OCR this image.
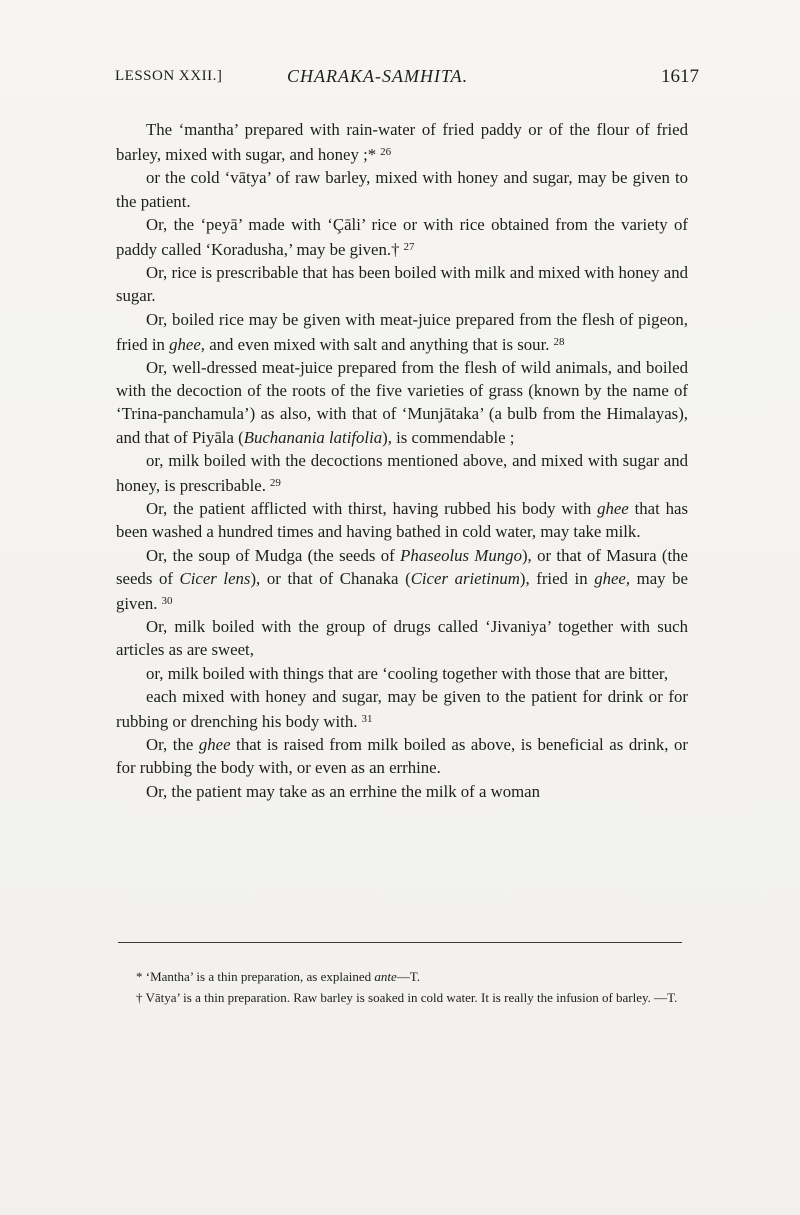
LESSON XXII.]	CHARAKA-SAMHITA.	1617

The ‘mantha’ prepared with rain-water of fried paddy or of the flour of fried barley, mixed with sugar, and honey ;* $^{26}$

or the cold ‘vātya’ of raw barley, mixed with honey and sugar, may be given to the patient.

Or, the ‘peyā’ made with ‘Çāli’ rice or with rice obtained from the variety of paddy called ‘Koradusha,’ may be given.† $^{27}$

Or, rice is prescribable that has been boiled with milk and mixed with honey and sugar.

Or, boiled rice may be given with meat-juice prepared from the flesh of pigeon, fried in ghee, and even mixed with salt and anything that is sour. $^{28}$

Or, well-dressed meat-juice prepared from the flesh of wild animals, and boiled with the decoction of the roots of the five varieties of grass (known by the name of ‘Trina-panchamula’) as also, with that of ‘Munjātaka’ (a bulb from the Himalayas), and that of Piyāla (Buchanania latifolia), is commendable ;

or, milk boiled with the decoctions mentioned above, and mixed with sugar and honey, is prescribable. $^{29}$

Or, the patient afflicted with thirst, having rubbed his body with ghee that has been washed a hundred times and having bathed in cold water, may take milk.

Or, the soup of Mudga (the seeds of Phaseolus Mungo), or that of Masura (the seeds of Cicer lens), or that of Chanaka (Cicer arietinum), fried in ghee, may be given. $^{30}$

Or, milk boiled with the group of drugs called ‘Jivaniya’ together with such articles as are sweet,

or, milk boiled with things that are ‘cooling together with those that are bitter,

each mixed with honey and sugar, may be given to the patient for drink or for rubbing or drenching his body with. $^{31}$

Or, the ghee that is raised from milk boiled as above, is beneficial as drink, or for rubbing the body with, or even as an errhine.

Or, the patient may take as an errhine the milk of a woman

* ‘Mantha’ is a thin preparation, as explained ante—T.

† Vātya’ is a thin preparation. Raw barley is soaked in cold water. It is really the infusion of barley. —T.
